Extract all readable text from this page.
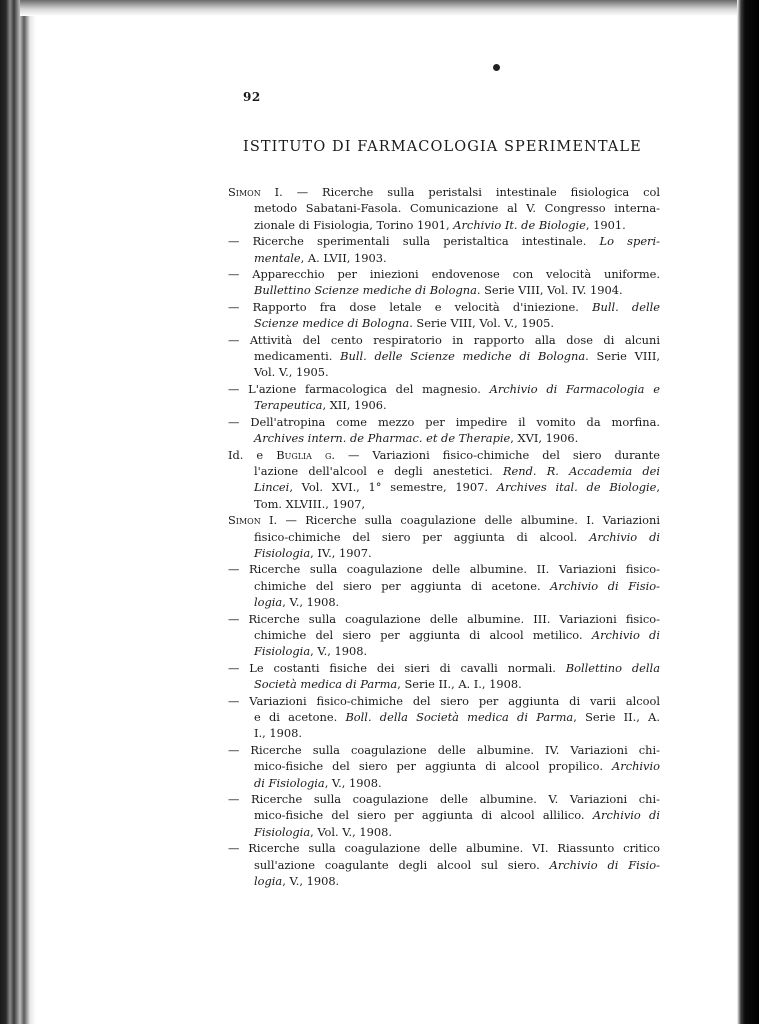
92
ISTITUTO DI FARMACOLOGIA SPERIMENTALE
Simon I. — Ricerche sulla peristalsi intestinale fisiologica col
metodo Sabatani-Fasola. Comunicazione al V. Congresso interna-
zionale di Fisiologia, Torino 1901, Archivio It. de Biologie, 1901.
— Ricerche sperimentali sulla peristaltica intestinale. Lo speri-
mentale, A. LVII, 1903.
— Apparecchio per iniezioni endovenose con velocità uniforme.
Bullettino Scienze mediche di Bologna. Serie VIII, Vol. IV. 1904.
— Rapporto fra dose letale e velocità d'iniezione. Bull. delle
Scienze medice di Bologna. Serie VIII, Vol. V., 1905.
— Attività del cento respiratorio in rapporto alla dose di alcuni
medicamenti. Bull. delle Scienze mediche di Bologna. Serie VIII,
Vol. V., 1905.
— L'azione farmacologica del magnesio. Archivio di Farmacologia e
Terapeutica, XII, 1906.
— Dell'atropina come mezzo per impedire il vomito da morfina.
Archives intern. de Pharmac. et de Therapie, XVI, 1906.
Id. e Buglia g. — Variazioni fisico-chimiche del siero durante
l'azione dell'alcool e degli anestetici. Rend. R. Accademia dei
Lincei, Vol. XVI., 1° semestre, 1907. Archives ital. de Biologie,
Tom. XLVIII., 1907,
Simon I. — Ricerche sulla coagulazione delle albumine. I. Variazioni
fisico-chimiche del siero per aggiunta di alcool. Archivio di
Fisiologia, IV., 1907.
— Ricerche sulla coagulazione delle albumine. II. Variazioni fisico-
chimiche del siero per aggiunta di acetone. Archivio di Fisio-
logia, V., 1908.
— Ricerche sulla coagulazione delle albumine. III. Variazioni fisico-
chimiche del siero per aggiunta di alcool metilico. Archivio di
Fisiologia, V., 1908.
— Le costanti fisiche dei sieri di cavalli normali. Bollettino della
Società medica di Parma, Serie II., A. I., 1908.
— Variazioni fisico-chimiche del siero per aggiunta di varii alcool
e di acetone. Boll. della Società medica di Parma, Serie II., A.
I., 1908.
— Ricerche sulla coagulazione delle albumine. IV. Variazioni chi-
mico-fisiche del siero per aggiunta di alcool propilico. Archivio
di Fisiologia, V., 1908.
— Ricerche sulla coagulazione delle albumine. V. Variazioni chi-
mico-fisiche del siero per aggiunta di alcool allilico. Archivio di
Fisiologia, Vol. V., 1908.
— Ricerche sulla coagulazione delle albumine. VI. Riassunto critico
sull'azione coagulante degli alcool sul siero. Archivio di Fisio-
logia, V., 1908.
